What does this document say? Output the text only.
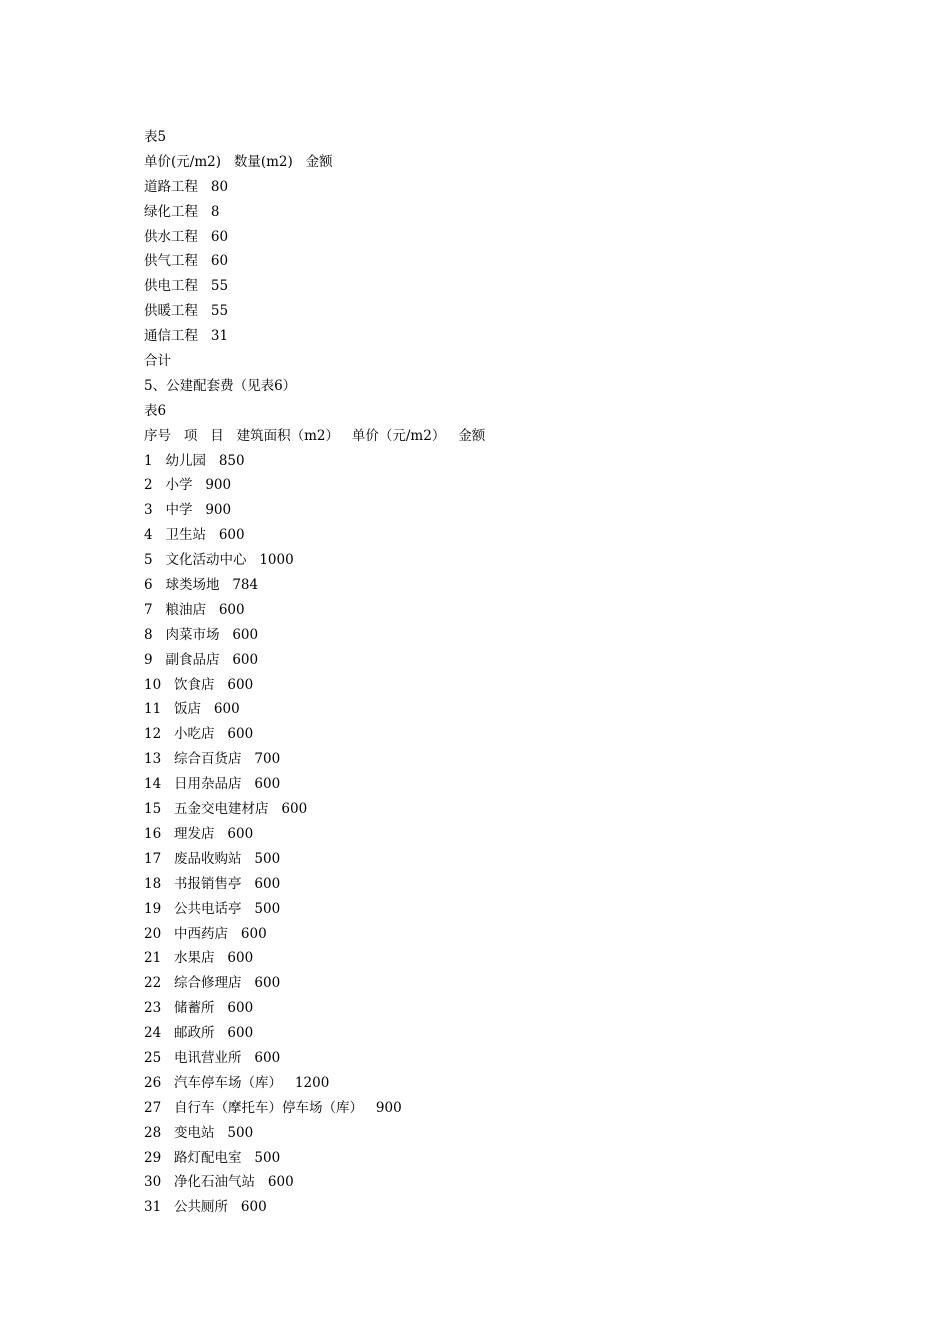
表5
单价(元/m2)   数量(m2)   金额
道路工程   80
绿化工程   8
供水工程   60
供气工程   60
供电工程   55
供暖工程   55
通信工程   31
合计
5、公建配套费（见表6）
表6
序号   项   目   建筑面积（m2）   单价（元/m2）   金额
1   幼儿园   850
2   小学   900
3   中学   900
4   卫生站   600
5   文化活动中心   1000
6   球类场地   784
7   粮油店   600
8   肉菜市场   600
9   副食品店   600
10   饮食店   600
11   饭店   600
12   小吃店   600
13   综合百货店   700
14   日用杂品店   600
15   五金交电建材店   600
16   理发店   600
17   废品收购站   500
18   书报销售亭   600
19   公共电话亭   500
20   中西药店   600
21   水果店   600
22   综合修理店   600
23   储蓄所   600
24   邮政所   600
25   电讯营业所   600
26   汽车停车场（库）   1200
27   自行车（摩托车）停车场（库）   900
28   变电站   500
29   路灯配电室   500
30   净化石油气站   600
31   公共厕所   600
